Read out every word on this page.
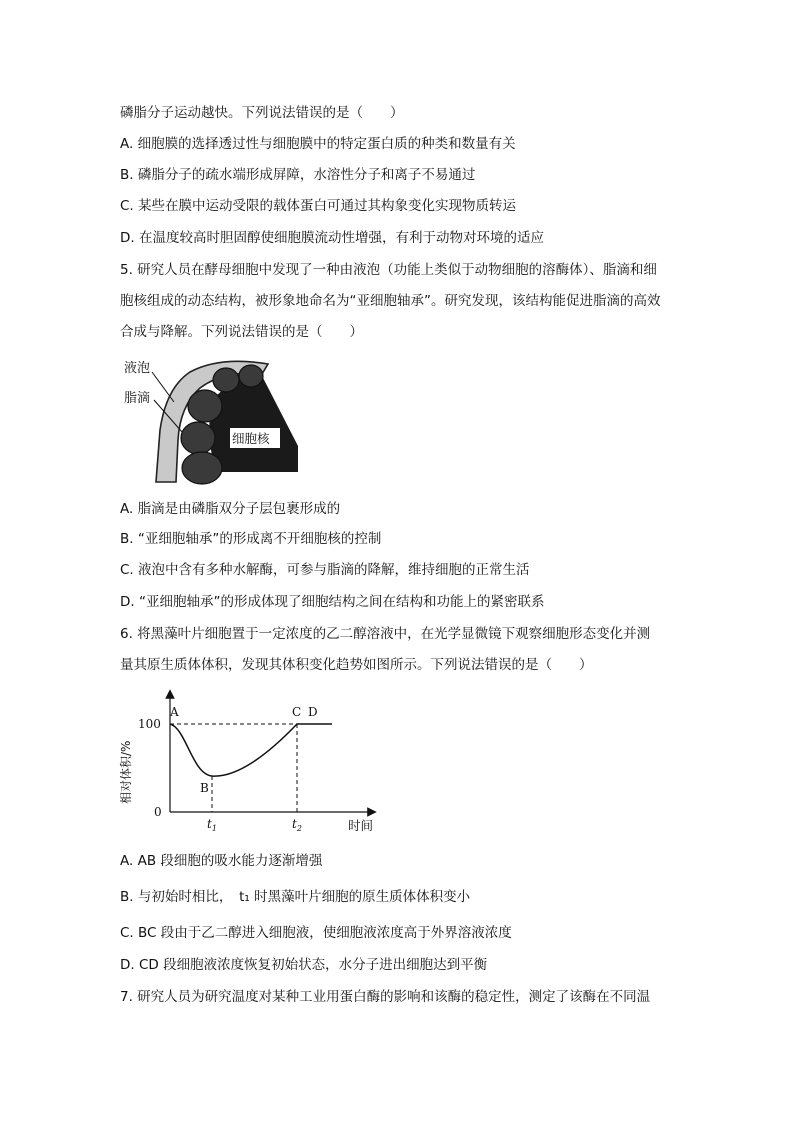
磷脂分子运动越快。下列说法错误的是（　　）
A. 细胞膜的选择透过性与细胞膜中的特定蛋白质的种类和数量有关
B. 磷脂分子的疏水端形成屏障，水溶性分子和离子不易通过
C. 某些在膜中运动受限的载体蛋白可通过其构象变化实现物质转运
D. 在温度较高时胆固醇使细胞膜流动性增强，有利于动物对环境的适应
5. 研究人员在酵母细胞中发现了一种由液泡（功能上类似于动物细胞的溶酶体）、脂滴和细
胞核组成的动态结构，被形象地命名为“亚细胞轴承”。研究发现，该结构能促进脂滴的高效
合成与降解。下列说法错误的是（　　）
液泡
脂滴
细胞核
A. 脂滴是由磷脂双分子层包裹形成的
B. “亚细胞轴承”的形成离不开细胞核的控制
C. 液泡中含有多种水解酶，可参与脂滴的降解，维持细胞的正常生活
D. “亚细胞轴承”的形成体现了细胞结构之间在结构和功能上的紧密联系
6. 将黑藻叶片细胞置于一定浓度的乙二醇溶液中，在光学显微镜下观察细胞形态变化并测
量其原生质体体积，发现其体积变化趋势如图所示。下列说法错误的是（　　）
100
0
A
B
C D
$t_1$	$t_2$	时间
相对体积/%
A. AB 段细胞的吸水能力逐渐增强
B. 与初始时相比，　t₁ 时黑藻叶片细胞的原生质体体积变小
C. BC 段由于乙二醇进入细胞液，使细胞液浓度高于外界溶液浓度
D. CD 段细胞液浓度恢复初始状态，水分子进出细胞达到平衡
7. 研究人员为研究温度对某种工业用蛋白酶的影响和该酶的稳定性，测定了该酶在不同温
